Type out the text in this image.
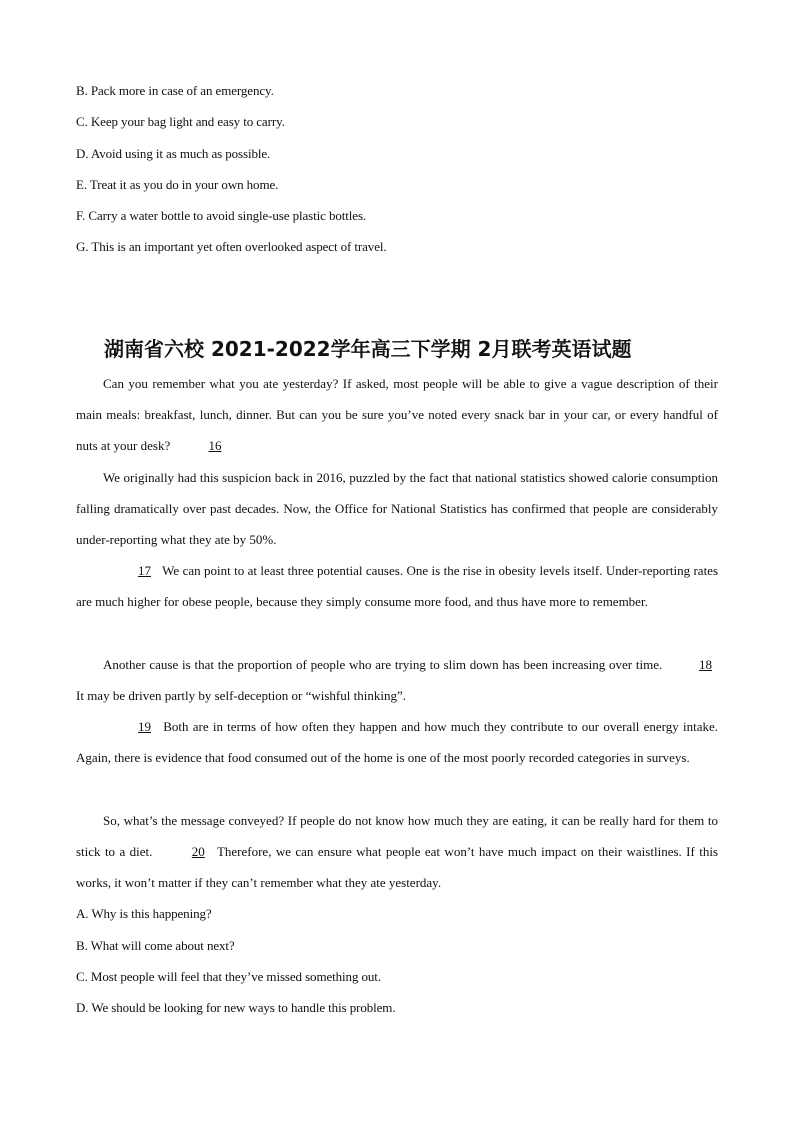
B. Pack more in case of an emergency.
C. Keep your bag light and easy to carry.
D. Avoid using it as much as possible.
E. Treat it as you do in your own home.
F. Carry a water bottle to avoid single-use plastic bottles.
G. This is an important yet often overlooked aspect of travel.
湖南省六校 2021-2022学年高三下学期 2月联考英语试题
Can you remember what you ate yesterday? If asked, most people will be able to give a vague description of their main meals: breakfast, lunch, dinner. But can you be sure you’ve noted every snack bar in your car, or every handful of nuts at your desk?	16
We originally had this suspicion back in 2016, puzzled by the fact that national statistics showed calorie consumption falling dramatically over past decades. Now, the Office for National Statistics has confirmed that people are considerably under-reporting what they ate by 50%.
17 We can point to at least three potential causes. One is the rise in obesity levels itself. Under-reporting rates are much higher for obese people, because they simply consume more food, and thus have more to remember.
Another cause is that the proportion of people who are trying to slim down has been increasing over time.	18 It may be driven partly by self-deception or “wishful thinking”.
19 Both are in terms of how often they happen and how much they contribute to our overall energy intake. Again, there is evidence that food consumed out of the home is one of the most poorly recorded categories in surveys.
So, what’s the message conveyed? If people do not know how much they are eating, it can be really hard for them to stick to a diet.	20 Therefore, we can ensure what people eat won’t have much impact on their waistlines. If this works, it won’t matter if they can’t remember what they ate yesterday.
A. Why is this happening?
B. What will come about next?
C. Most people will feel that they’ve missed something out.
D. We should be looking for new ways to handle this problem.
